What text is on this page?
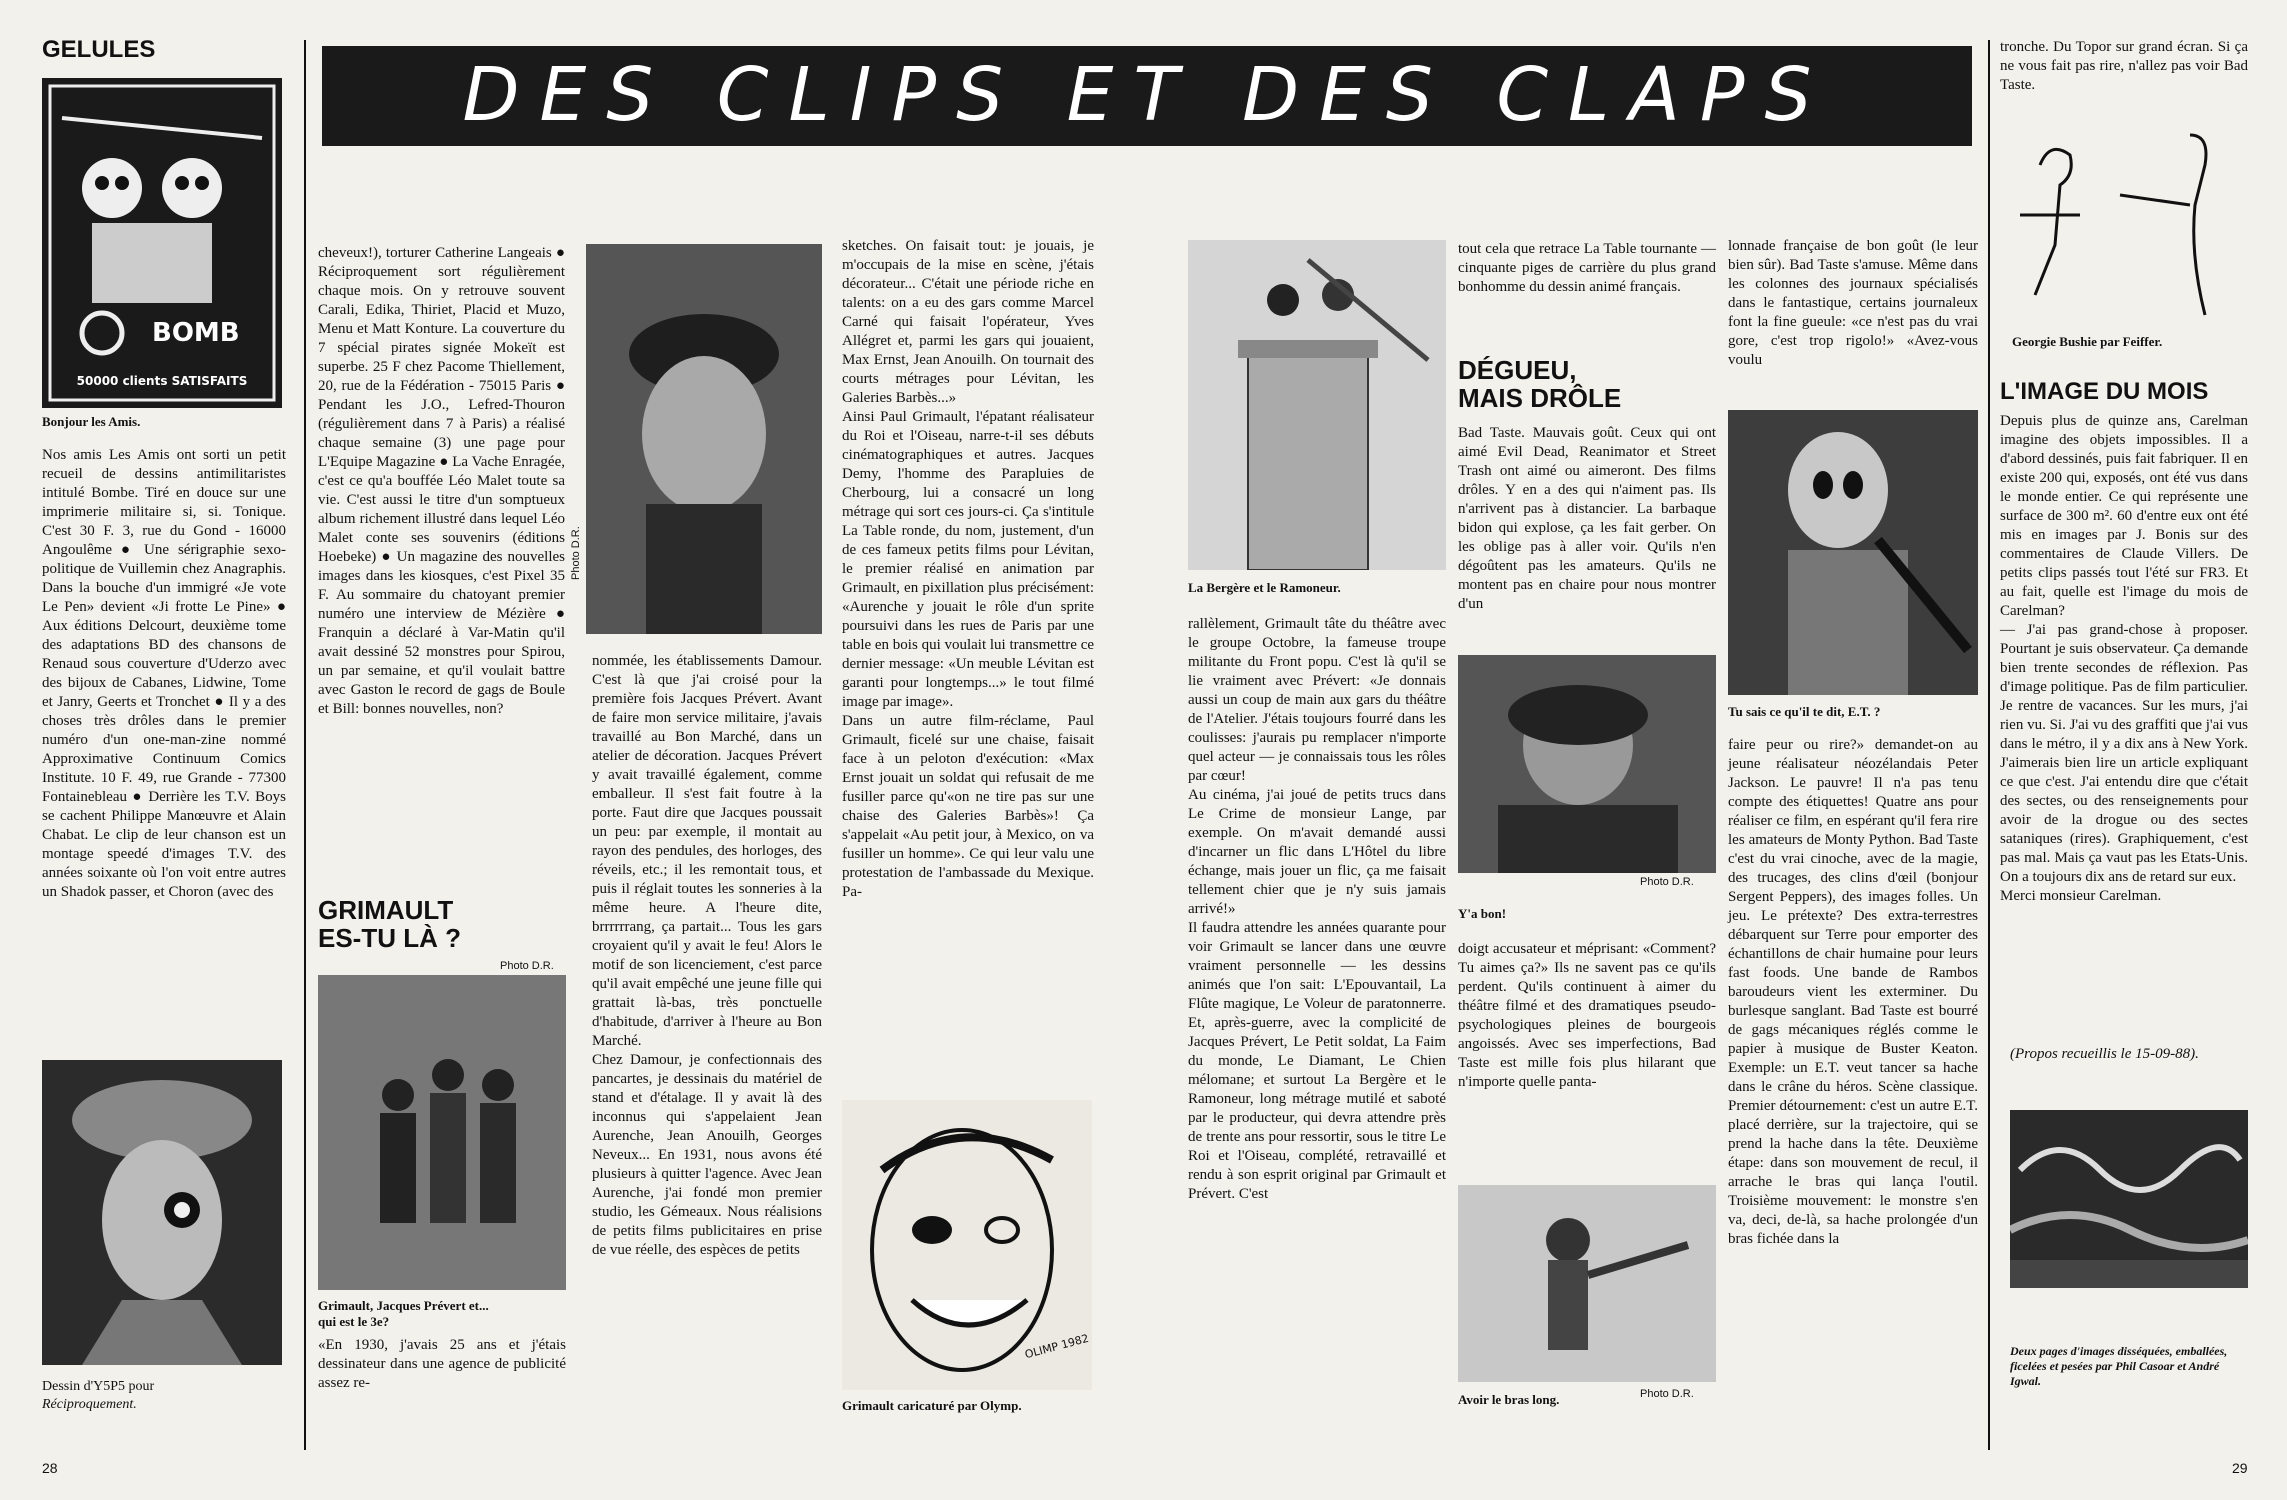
28	29
DES CLIPS ET DES CLAPS
GELULES
BOMB
50000 clients SATISFAITS
Bonjour les Amis.
Nos amis Les Amis ont sorti un petit recueil de dessins antimilitaristes intitulé Bombe. Tiré en douce sur une imprimerie militaire si, si. Tonique. C'est 30 F. 3, rue du Gond - 16000 Angoulême ● Une sérigraphie sexo-politique de Vuillemin chez Anagraphis. Dans la bouche d'un immigré «Je vote Le Pen» devient «Ji frotte Le Pine» ● Aux éditions Delcourt, deuxième tome des adaptations BD des chansons de Renaud sous couverture d'Uderzo avec des bijoux de Cabanes, Lidwine, Tome et Janry, Geerts et Tronchet ● Il y a des choses très drôles dans le premier numéro d'un one-man-zine nommé Approximative Continuum Comics Institute. 10 F. 49, rue Grande - 77300 Fontainebleau ● Derrière les T.V. Boys se cachent Philippe Manœuvre et Alain Chabat. Le clip de leur chanson est un montage speedé d'images T.V. des années soixante où l'on voit entre autres un Shadok passer, et Choron (avec des
Dessin d'Y5P5 pour
Réciproquement.
cheveux!), torturer Catherine Langeais ● Réciproquement sort régulièrement chaque mois. On y retrouve souvent Carali, Edika, Thiriet, Placid et Muzo, Menu et Matt Konture. La couverture du 7 spécial pirates signée Mokeït est superbe. 25 F chez Pacome Thiellement, 20, rue de la Fédération - 75015 Paris ● Pendant les J.O., Lefred-Thouron (régulièrement dans 7 à Paris) a réalisé chaque semaine (3) une page pour L'Equipe Magazine ● La Vache Enragée, c'est ce qu'a bouffée Léo Malet toute sa vie. C'est aussi le titre d'un somptueux album richement illustré dans lequel Léo Malet conte ses souvenirs (éditions Hoebeke) ● Un magazine des nouvelles images dans les kiosques, c'est Pixel 35 F. Au sommaire du chatoyant premier numéro une interview de Mézière ● Franquin a déclaré à Var-Matin qu'il avait dessiné 52 monstres pour Spirou, un par semaine, et qu'il voulait battre avec Gaston le record de gags de Boule et Bill: bonnes nouvelles, non?
GRIMAULT
ES-TU LÀ ?
Photo D.R.
Grimault, Jacques Prévert et...
qui est le 3e?
«En 1930, j'avais 25 ans et j'étais dessinateur dans une agence de publicité assez re-
Photo D.R.
nommée, les établissements Damour. C'est là que j'ai croisé pour la première fois Jacques Prévert. Avant de faire mon service militaire, j'avais travaillé au Bon Marché, dans un atelier de décoration. Jacques Prévert y avait travaillé également, comme emballeur. Il s'est fait foutre à la porte. Faut dire que Jacques poussait un peu: par exemple, il montait au rayon des pendules, des horloges, des réveils, etc.; il les remontait tous, et puis il réglait toutes les sonneries à la même heure. A l'heure dite, brrrrrrang, ça partait... Tous les gars croyaient qu'il y avait le feu! Alors le motif de son licenciement, c'est parce qu'il avait empêché une jeune fille qui grattait là-bas, très ponctuelle d'habitude, d'arriver à l'heure au Bon Marché.
Chez Damour, je confectionnais des pancartes, je dessinais du matériel de stand et d'étalage. Il y avait là des inconnus qui s'appelaient Jean Aurenche, Jean Anouilh, Georges Neveux... En 1931, nous avons été plusieurs à quitter l'agence. Avec Jean Aurenche, j'ai fondé mon premier studio, les Gémeaux. Nous réalisions de petits films publicitaires en prise de vue réelle, des espèces de petits
sketches. On faisait tout: je jouais, je m'occupais de la mise en scène, j'étais décorateur... C'était une période riche en talents: on a eu des gars comme Marcel Carné qui faisait l'opérateur, Yves Allégret et, parmi les gars qui jouaient, Max Ernst, Jean Anouilh. On tournait des courts métrages pour Lévitan, les Galeries Barbès...»
Ainsi Paul Grimault, l'épatant réalisateur du Roi et l'Oiseau, narre-t-il ses débuts cinématographiques et autres. Jacques Demy, l'homme des Parapluies de Cherbourg, lui a consacré un long métrage qui sort ces jours-ci. Ça s'intitule La Table ronde, du nom, justement, d'un de ces fameux petits films pour Lévitan, le premier réalisé en animation par Grimault, en pixillation plus précisément: «Aurenche y jouait le rôle d'un sprite poursuivi dans les rues de Paris par une table en bois qui voulait lui transmettre ce dernier message: «Un meuble Lévitan est garanti pour longtemps...» le tout filmé image par image».
Dans un autre film-réclame, Paul Grimault, ficelé sur une chaise, faisait face à un peloton d'exécution: «Max Ernst jouait un soldat qui refusait de me fusiller parce qu'«on ne tire pas sur une chaise des Galeries Barbès»! Ça s'appelait «Au petit jour, à Mexico, on va fusiller un homme». Ce qui leur valu une protestation de l'ambassade du Mexique. Pa-
OLIMP 1982
Grimault caricaturé par Olymp.
La Bergère et le Ramoneur.
rallèlement, Grimault tâte du théâtre avec le groupe Octobre, la fameuse troupe militante du Front popu. C'est là qu'il se lie vraiment avec Prévert: «Je donnais aussi un coup de main aux gars du théâtre de l'Atelier. J'étais toujours fourré dans les coulisses: j'aurais pu remplacer n'importe quel acteur — je connaissais tous les rôles par cœur!
Au cinéma, j'ai joué de petits trucs dans Le Crime de monsieur Lange, par exemple. On m'avait demandé aussi d'incarner un flic dans L'Hôtel du libre échange, mais jouer un flic, ça me faisait tellement chier que je n'y suis jamais arrivé!»
Il faudra attendre les années quarante pour voir Grimault se lancer dans une œuvre vraiment personnelle — les dessins animés que l'on sait: L'Epouvantail, La Flûte magique, Le Voleur de paratonnerre. Et, après-guerre, avec la complicité de Jacques Prévert, Le Petit soldat, La Faim du monde, Le Diamant, Le Chien mélomane; et surtout La Bergère et le Ramoneur, long métrage mutilé et saboté par le producteur, qui devra attendre près de trente ans pour ressortir, sous le titre Le Roi et l'Oiseau, complété, retravaillé et rendu à son esprit original par Grimault et Prévert. C'est
tout cela que retrace La Table tournante — cinquante piges de carrière du plus grand bonhomme du dessin animé français.
DÉGUEU,
MAIS DRÔLE
Bad Taste. Mauvais goût. Ceux qui ont aimé Evil Dead, Reanimator et Street Trash ont aimé ou aimeront. Des films drôles. Y en a des qui n'aiment pas. Ils n'arrivent pas à distancier. La barbaque bidon qui explose, ça les fait gerber. On les oblige pas à aller voir. Qu'ils n'en dégoûtent pas les amateurs. Qu'ils ne montent pas en chaire pour nous montrer d'un
Photo D.R.
Y'a bon!
doigt accusateur et méprisant: «Comment? Tu aimes ça?» Ils ne savent pas ce qu'ils perdent. Qu'ils continuent à aimer du théâtre filmé et des dramatiques pseudo-psychologiques pleines de bourgeois angoissés. Avec ses imperfections, Bad Taste est mille fois plus hilarant que n'importe quelle panta-
Avoir le bras long.	Photo D.R.
lonnade française de bon goût (le leur bien sûr). Bad Taste s'amuse. Même dans les colonnes des journaux spécialisés dans le fantastique, certains journaleux font la fine gueule: «ce n'est pas du vrai gore, c'est trop rigolo!» «Avez-vous voulu
Tu sais ce qu'il te dit, E.T. ?
faire peur ou rire?» demandet-on au jeune réalisateur néozélandais Peter Jackson. Le pauvre! Il n'a pas tenu compte des étiquettes! Quatre ans pour réaliser ce film, en espérant qu'il fera rire les amateurs de Monty Python. Bad Taste c'est du vrai cinoche, avec de la magie, des trucages, des clins d'œil (bonjour Sergent Peppers), des images folles. Un jeu. Le prétexte? Des extra-terrestres débarquent sur Terre pour emporter des échantillons de chair humaine pour leurs fast foods. Une bande de Rambos baroudeurs vient les exterminer. Du burlesque sanglant. Bad Taste est bourré de gags mécaniques réglés comme le papier à musique de Buster Keaton. Exemple: un E.T. veut tancer sa hache dans le crâne du héros. Scène classique. Premier détournement: c'est un autre E.T. placé derrière, sur la trajectoire, qui se prend la hache dans la tête. Deuxième étape: dans son mouvement de recul, il arrache le bras qui lança l'outil. Troisième mouvement: le monstre s'en va, deci, de-là, sa hache prolongée d'un bras fichée dans la
tronche. Du Topor sur grand écran. Si ça ne vous fait pas rire, n'allez pas voir Bad Taste.
Georgie Bushie par Feiffer.
L'IMAGE DU MOIS
Depuis plus de quinze ans, Carelman imagine des objets impossibles. Il a d'abord dessinés, puis fait fabriquer. Il en existe 200 qui, exposés, ont été vus dans le monde entier. Ce qui représente une surface de 300 m². 60 d'entre eux ont été mis en images par J. Bonis sur des commentaires de Claude Villers. De petits clips passés tout l'été sur FR3. Et au fait, quelle est l'image du mois de Carelman?
— J'ai pas grand-chose à proposer. Pourtant je suis observateur. Ça demande bien trente secondes de réflexion. Pas d'image politique. Pas de film particulier. Je rentre de vacances. Sur les murs, j'ai rien vu. Si. J'ai vu des graffiti que j'ai vus dans le métro, il y a dix ans à New York. J'aimerais bien lire un article expliquant ce que c'est. J'ai entendu dire que c'était des sectes, ou des renseignements pour avoir de la drogue ou des sectes sataniques (rires). Graphiquement, c'est pas mal. Mais ça vaut pas les Etats-Unis. On a toujours dix ans de retard sur eux.
Merci monsieur Carelman.
(Propos recueillis le 15-09-88).
Deux pages d'images disséquées, emballées, ficelées et pesées par Phil Casoar et André Igwal.
